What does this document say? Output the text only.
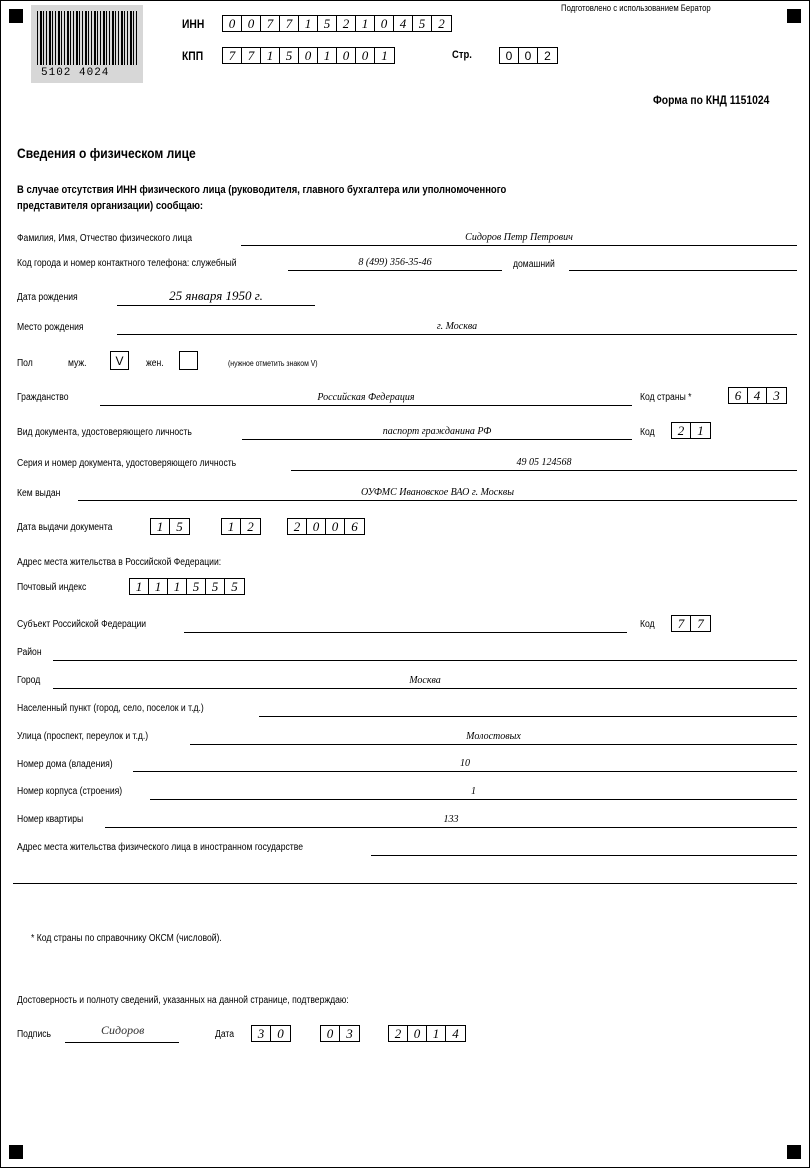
5102 4024
Подготовлено с использованием Бератор
ИНН	0 0 7 7 1 5 2 1 0 4 5	2
КПП	7 7 1 5 0 1 0 0	1	Стр.	0	0	2
Форма по КНД 1151024
Сведения о физическом лице
В случае отсутствия ИНН физического лица (руководителя, главного бухгалтера или уполномоченного представителя организации) сообщаю:
Фамилия, Имя, Отчество физического лица	Сидоров Петр Петрович
Код города и номер контактного телефона: служебный	8 (499) 356-35-46	домашний
Дата рождения	25 января 1950 г.
Место рождения	г. Москва
Пол	муж.	V	жен.	(нужное отметить знаком V)
Гражданство	Российская Федерация	Код страны *	6 4	3
Вид документа, удостоверяющего личность	паспорт гражданина РФ	Код	2	1
Серия и номер документа, удостоверяющего личность	49 05 124568
Кем выдан	ОУФМС Ивановское ВАО г. Москвы
Дата выдачи документа	1	5	1	2	2 0 0	6
Адрес места жительства в Российской Федерации:
Почтовый индекс	1 1 1 5 5	5
Субъект Российской Федерации	Код	7	7
Район
Город	Москва
Населенный пункт (город, село, поселок и т.д.)
Улица (проспект, переулок и т.д.)	Молостовых
Номер дома (владения)	10
Номер корпуса (строения)	1
Номер квартиры	133
Адрес места жительства физического лица в иностранном государстве
* Код страны по справочнику ОКСМ (числовой).
Достоверность и полноту сведений, указанных на данной странице, подтверждаю:
Подпись	Сидоров	Дата	3	0	0	3	2 0 1	4
